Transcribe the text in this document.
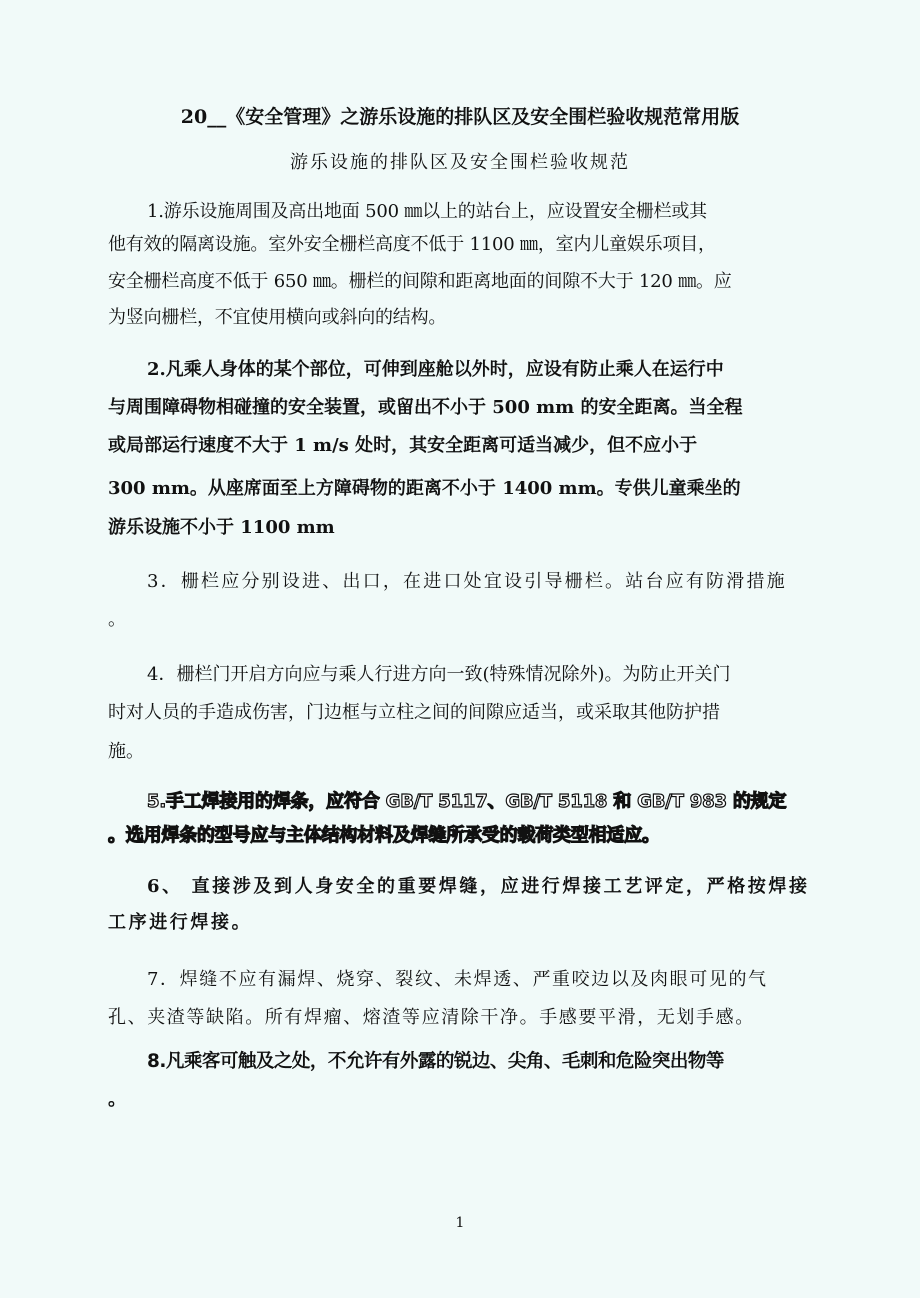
20__《安全管理》之游乐设施的排队区及安全围栏验收规范常用版
游乐设施的排队区及安全围栏验收规范
1.游乐设施周围及高出地面 500 ㎜以上的站台上，应设置安全栅栏或其
他有效的隔离设施。室外安全栅栏高度不低于 1100 ㎜，室内儿童娱乐项目，
安全栅栏高度不低于 650 ㎜。栅栏的间隙和距离地面的间隙不大于 120 ㎜。应
为竖向栅栏，不宜使用横向或斜向的结构。
2.凡乘人身体的某个部位，可伸到座舱以外时，应设有防止乘人在运行中
与周围障碍物相碰撞的安全装置，或留出不小于 500 mm 的安全距离。当全程
或局部运行速度不大于 1 m/s 处时，其安全距离可适当减少，但不应小于
300 mm。从座席面至上方障碍物的距离不小于 1400 mm。专供儿童乘坐的
游乐设施不小于 1100 mm
3．栅栏应分别设进、出口，在进口处宜设引导栅栏。站台应有防滑措施
。
4．栅栏门开启方向应与乘人行进方向一致(特殊情况除外)。为防止开关门
时对人员的手造成伤害，门边框与立柱之间的间隙应适当，或采取其他防护措
施。
5.手工焊接用的焊条，应符合 GB/T 5117、GB/T 5118 和 GB/T 983 的规定
。选用焊条的型号应与主体结构材料及焊缝所承受的载荷类型相适应。
6、 直接涉及到人身安全的重要焊缝，应进行焊接工艺评定，严格按焊接
工序进行焊接。
7．焊缝不应有漏焊、烧穿、裂纹、未焊透、严重咬边以及肉眼可见的气
孔、夹渣等缺陷。所有焊瘤、熔渣等应清除干净。手感要平滑，无划手感。
8.凡乘客可触及之处，不允许有外露的锐边、尖角、毛刺和危险突出物等
。
1
